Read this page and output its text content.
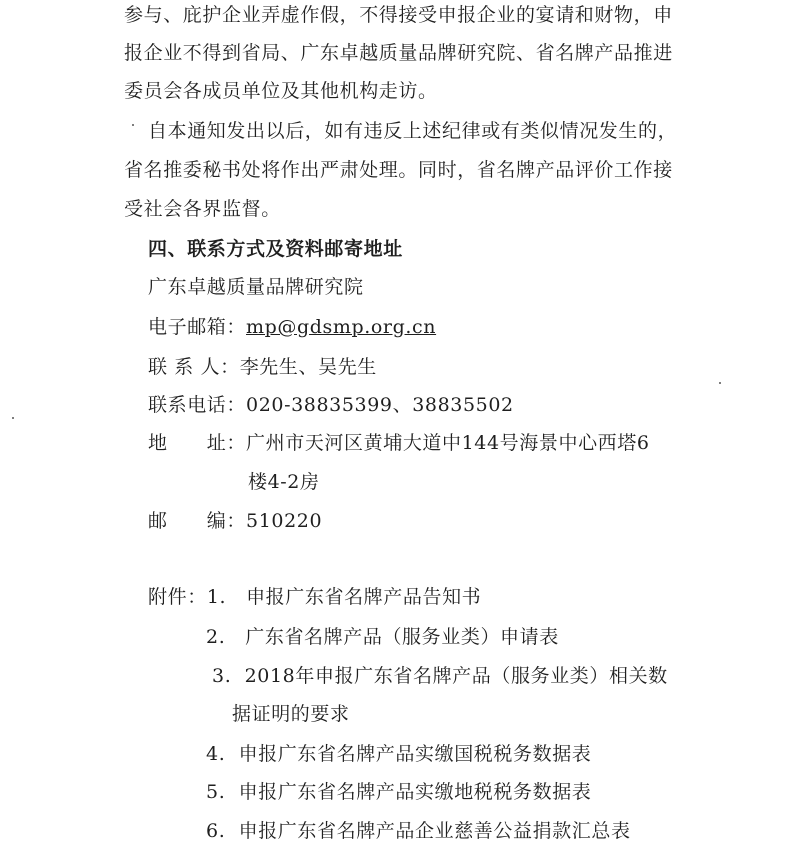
参与、庇护企业弄虚作假，不得接受申报企业的宴请和财物，申
报企业不得到省局、广东卓越质量品牌研究院、省名牌产品推进
委员会各成员单位及其他机构走访。
自本通知发出以后，如有违反上述纪律或有类似情况发生的，
省名推委秘书处将作出严肃处理。同时，省名牌产品评价工作接
受社会各界监督。
四、联系方式及资料邮寄地址
广东卓越质量品牌研究院
电子邮箱：mp@gdsmp.org.cn
联 系 人：李先生、吴先生
联系电话：020-38835399、38835502
地　　址：广州市天河区黄埔大道中144号海景中心西塔6
楼4-2房
邮　　编：510220
附件：1. 申报广东省名牌产品告知书
2. 广东省名牌产品（服务业类）申请表
3. 2018年申报广东省名牌产品（服务业类）相关数
据证明的要求
4. 申报广东省名牌产品实缴国税税务数据表
5. 申报广东省名牌产品实缴地税税务数据表
6. 申报广东省名牌产品企业慈善公益捐款汇总表
